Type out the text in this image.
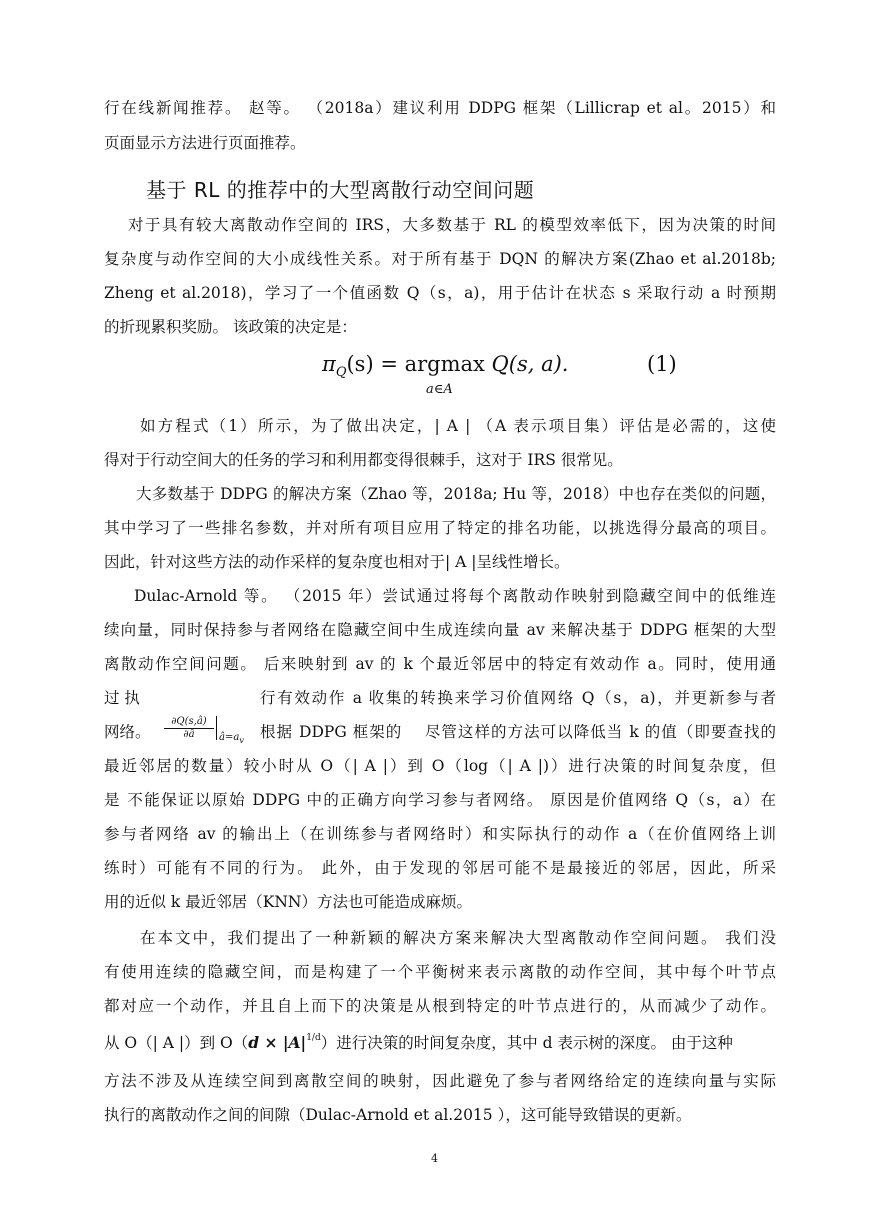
行在线新闻推荐。 赵等。 （2018a）建议利用 DDPG 框架（Lillicrap et al。2015）和
页面显示方法进行页面推荐。
基于 RL 的推荐中的大型离散行动空间问题
对于具有较大离散动作空间的 IRS，大多数基于 RL 的模型效率低下，因为决策的时间
复杂度与动作空间的大小成线性关系。对于所有基于 DQN 的解决方案(Zhao et al.2018b;
Zheng et al.2018)，学习了一个值函数 Q（s，a)，用于估计在状态 s 采取行动 a 时预期
的折现累积奖励。 该政策的决定是：
$\pi_Q(s) = argmax$ Q(s, a).
a∈A
(1)
如方程式（1）所示，为了做出决定，| A | （A 表示项目集）评估是必需的，这使
得对于行动空间大的任务的学习和利用都变得很棘手，这对于 IRS 很常见。
大多数基于 DDPG 的解决方案（Zhao 等，2018a; Hu 等，2018）中也存在类似的问题，
其中学习了一些排名参数，并对所有项目应用了特定的排名功能，以挑选得分最高的项目。
因此，针对这些方法的动作采样的复杂度也相对于| A |呈线性增长。
Dulac-Arnold 等。 （2015 年）尝试通过将每个离散动作映射到隐藏空间中的低维连
续向量，同时保持参与者网络在隐藏空间中生成连续向量 av 来解决基于 DDPG 框架的大型
离散动作空间问题。 后来映射到 av 的 k 个最近邻居中的特定有效动作 a。同时，使用通
过 执	行有效动作 a 收集的转换来学习价值网络 Q（s，a)，并更新参与者
网络。	$\frac{\partial Q(s,â)}{\partial â}$ $â=a_v$ 根据 DDPG 框架的　 尽管这样的方法可以降低当 k 的值（即要查找的
最近邻居的数量）较小时从 O（| A |）到 O（log（| A |)）进行决策的时间复杂度，但
是 不能保证以原始 DDPG 中的正确方向学习参与者网络。 原因是价值网络 Q（s，a）在
参与者网络 av 的输出上（在训练参与者网络时）和实际执行的动作 a（在价值网络上训
练时）可能有不同的行为。 此外，由于发现的邻居可能不是最接近的邻居，因此，所采
用的近似 k 最近邻居（KNN）方法也可能造成麻烦。
在本文中，我们提出了一种新颖的解决方案来解决大型离散动作空间问题。 我们没
有使用连续的隐藏空间，而是构建了一个平衡树来表示离散的动作空间，其中每个叶节点
都对应一个动作，并且自上而下的决策是从根到特定的叶节点进行的，从而减少了动作。
从 O（| A |）到 $O(d \times |A|^{1/d})$进行决策的时间复杂度，其中 d 表示树的深度。 由于这种
方法不涉及从连续空间到离散空间的映射，因此避免了参与者网络给定的连续向量与实际
执行的离散动作之间的间隙（Dulac-Arnold et al.2015 ），这可能导致错误的更新。
4
